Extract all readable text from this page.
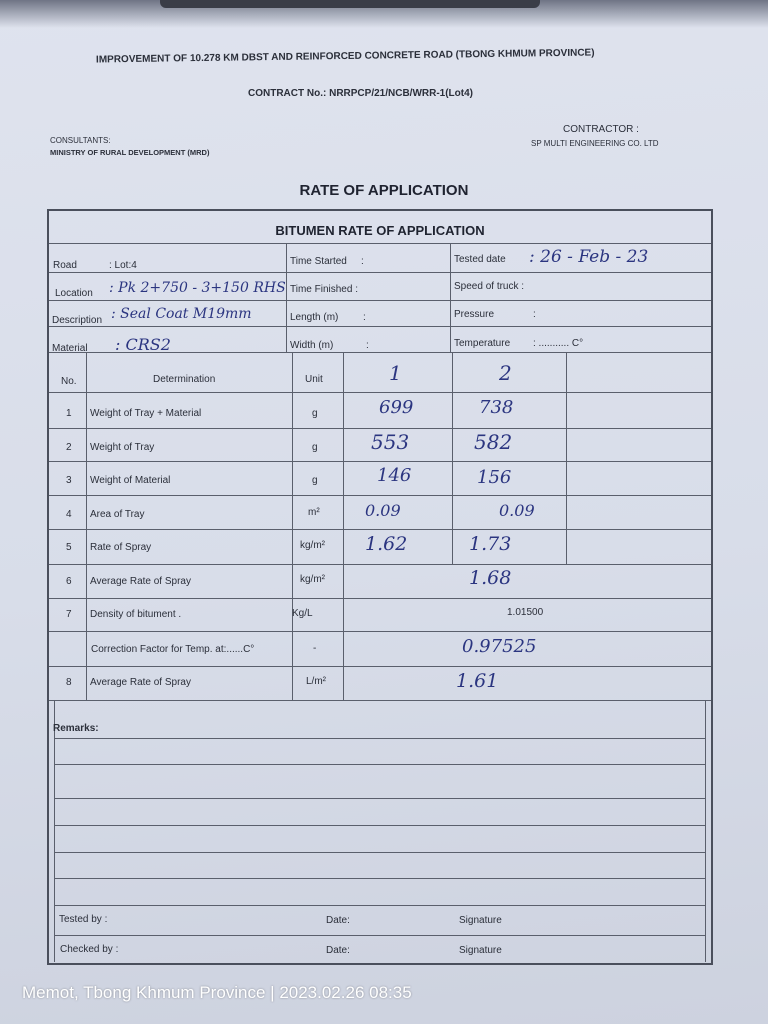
IMPROVEMENT OF 10.278 KM DBST AND REINFORCED CONCRETE ROAD (TBONG KHMUM PROVINCE)
CONTRACT No.: NRRPCP/21/NCB/WRR-1(Lot4)
CONSULTANTS:
MINISTRY OF RURAL DEVELOPMENT (MRD)
CONTRACTOR :
SP MULTI ENGINEERING CO. LTD
RATE OF APPLICATION
BITUMEN RATE OF APPLICATION
Road	: Lot:4	Time Started :	Tested date : 26 - Feb - 23
Location : Pk 2+750 - 3+150 RHS Time Finished :	Speed of truck :
Description : Seal Coat M19mm	Length (m) :	Pressure	:
Material : CRS2	Width (m)	:	Temperature : ........... C°
No.	Determination	Unit	1	2
1 Weight of Tray + Material	g	699	738
2 Weight of Tray	g	553	582
3 Weight of Material	g	146	156
4 Area of Tray	m²	0.09	0.09
5 Rate of Spray	kg/m² 1.62	1.73
6 Average Rate of Spray	kg/m²	1.68
7 Density of bitument .	Kg/L	1.01500
Correction Factor for Temp. at:......C°	-	0.97525
8 Average Rate of Spray	L/m²	1.61
Remarks:
Tested by :	Date:	Signature
Checked by :	Date:	Signature
Memot, Tbong Khmum Province | 2023.02.26 08:35
